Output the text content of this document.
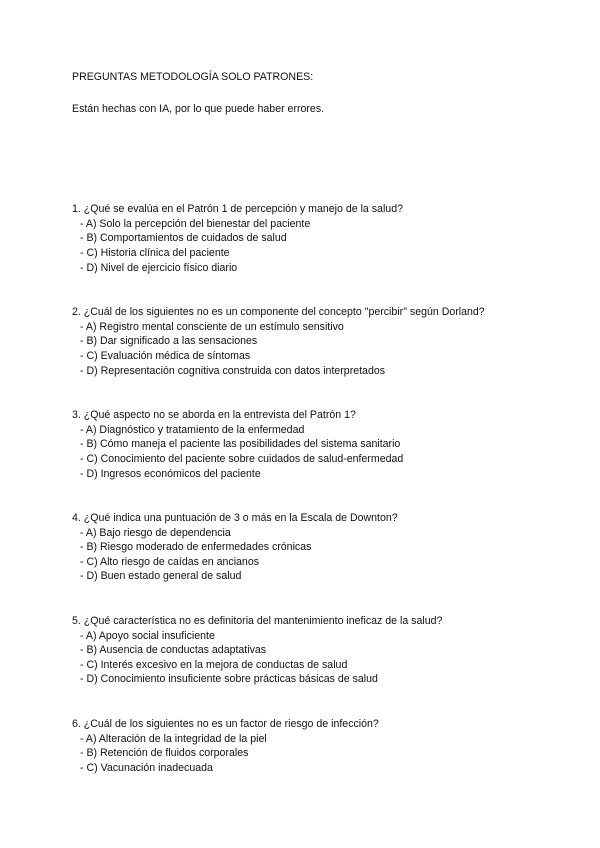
PREGUNTAS METODOLOGÍA SOLO PATRONES:
Están hechas con IA, por lo que puede haber errores.
1. ¿Qué se evalúa en el Patrón 1 de percepción y manejo de la salud?
- A) Solo la percepción del bienestar del paciente
- B) Comportamientos de cuidados de salud
- C) Historia clínica del paciente
- D) Nivel de ejercicio físico diario
2. ¿Cuál de los siguientes no es un componente del concepto "percibir" según Dorland?
- A) Registro mental consciente de un estímulo sensitivo
- B) Dar significado a las sensaciones
- C) Evaluación médica de síntomas
- D) Representación cognitiva construida con datos interpretados
3. ¿Qué aspecto no se aborda en la entrevista del Patrón 1?
- A) Diagnóstico y tratamiento de la enfermedad
- B) Cómo maneja el paciente las posibilidades del sistema sanitario
- C) Conocimiento del paciente sobre cuidados de salud-enfermedad
- D) Ingresos económicos del paciente
4. ¿Qué indica una puntuación de 3 o más en la Escala de Downton?
- A) Bajo riesgo de dependencia
- B) Riesgo moderado de enfermedades crónicas
- C) Alto riesgo de caídas en ancianos
- D) Buen estado general de salud
5. ¿Qué característica no es definitoria del mantenimiento ineficaz de la salud?
- A) Apoyo social insuficiente
- B) Ausencia de conductas adaptativas
- C) Interés excesivo en la mejora de conductas de salud
- D) Conocimiento insuficiente sobre prácticas básicas de salud
6. ¿Cuál de los siguientes no es un factor de riesgo de infección?
- A) Alteración de la integridad de la piel
- B) Retención de fluidos corporales
- C) Vacunación inadecuada
